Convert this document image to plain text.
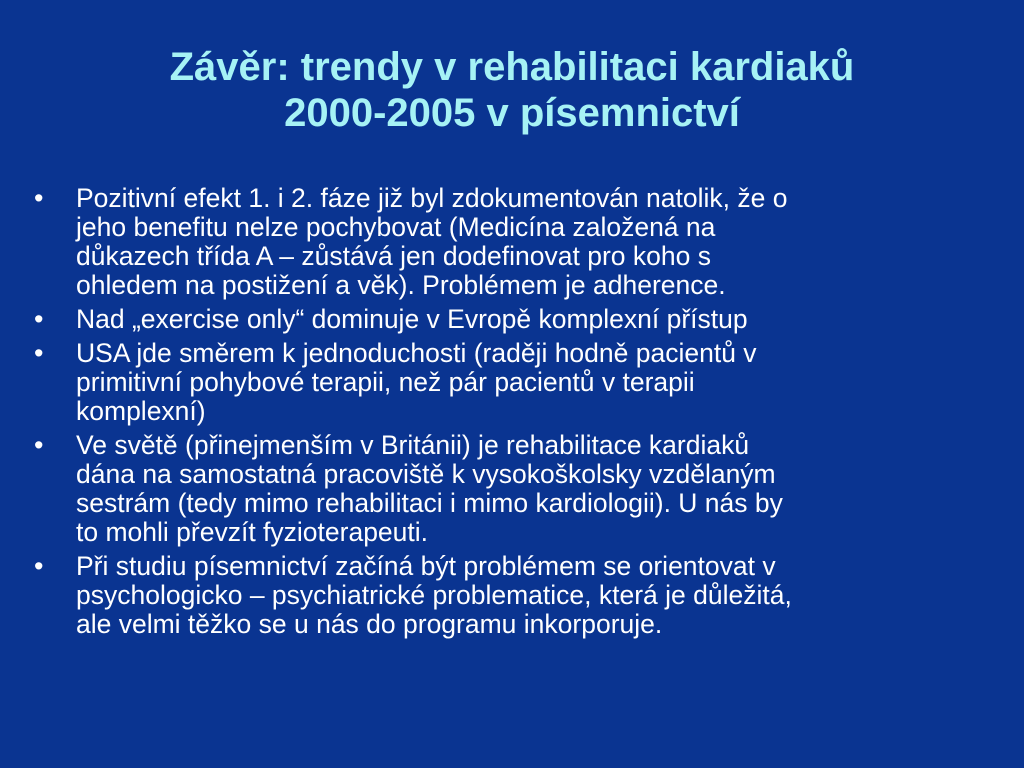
Závěr: trendy v rehabilitaci kardiaků
2000-2005 v písemnictví
• Pozitivní efekt 1. i 2. fáze již byl zdokumentován natolik, že o
jeho benefitu nelze pochybovat (Medicína založená na
důkazech třída A – zůstává jen dodefinovat pro koho s
ohledem na postižení a věk). Problémem je adherence.
• Nad „exercise only“ dominuje v Evropě komplexní přístup
• USA jde směrem k jednoduchosti (raději hodně pacientů v
primitivní pohybové terapii, než pár pacientů v terapii
komplexní)
• Ve světě (přinejmenším v Británii) je rehabilitace kardiaků
dána na samostatná pracoviště k vysokoškolsky vzdělaným
sestrám (tedy mimo rehabilitaci i mimo kardiologii). U nás by
to mohli převzít fyzioterapeuti.
• Při studiu písemnictví začíná být problémem se orientovat v
psychologicko – psychiatrické problematice, která je důležitá,
ale velmi těžko se u nás do programu inkorporuje.
